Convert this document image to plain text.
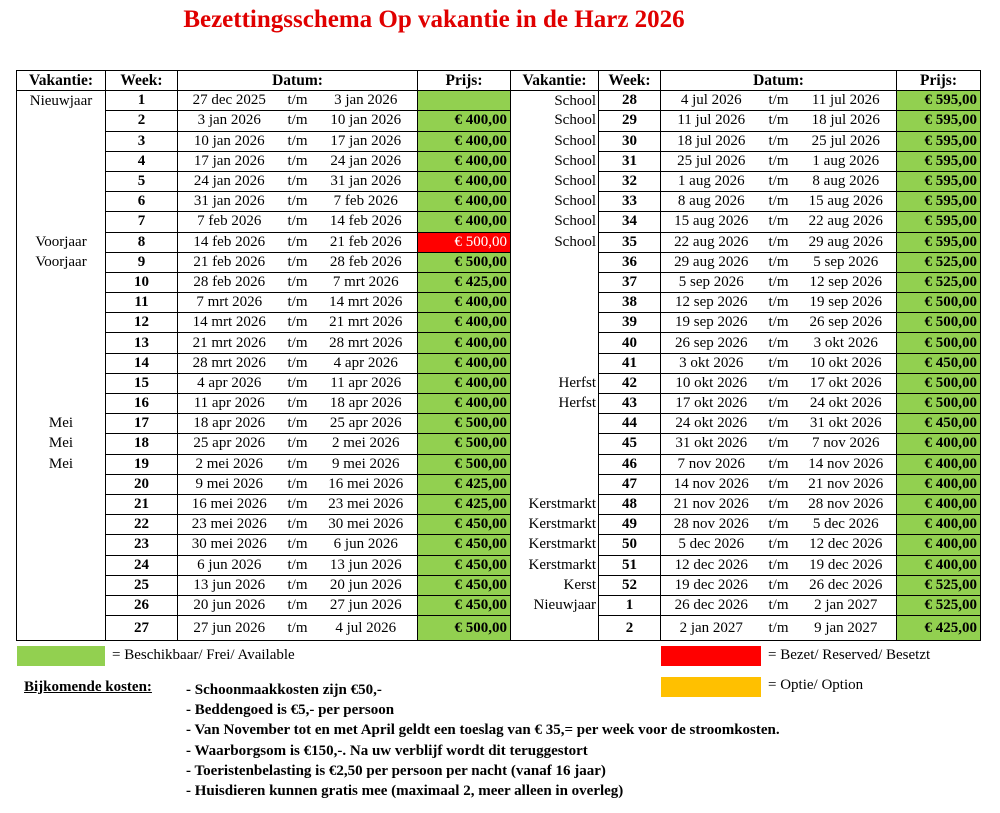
Bezettingsschema Op vakantie in de Harz 2026
Vakantie:	Week:	Datum:	Prijs:	Vakantie:	Week:	Datum:	Prijs:
Nieuwjaar	1	27 dec 2025 t/m 3 jan 2026		School	28	4 jul 2026 t/m 11 jul 2026	€ 595,00
	2	3 jan 2026 t/m 10 jan 2026	€ 400,00	School	29	11 jul 2026 t/m 18 jul 2026	€ 595,00
	3	10 jan 2026 t/m 17 jan 2026	€ 400,00	School	30	18 jul 2026 t/m 25 jul 2026	€ 595,00
	4	17 jan 2026 t/m 24 jan 2026	€ 400,00	School	31	25 jul 2026 t/m 1 aug 2026	€ 595,00
	5	24 jan 2026 t/m 31 jan 2026	€ 400,00	School	32	1 aug 2026 t/m 8 aug 2026	€ 595,00
	6	31 jan 2026 t/m 7 feb 2026	€ 400,00	School	33	8 aug 2026 t/m 15 aug 2026	€ 595,00
	7	7 feb 2026 t/m 14 feb 2026	€ 400,00	School	34	15 aug 2026 t/m 22 aug 2026	€ 595,00
Voorjaar	8	14 feb 2026 t/m 21 feb 2026	€ 500,00	School	35	22 aug 2026 t/m 29 aug 2026	€ 595,00
Voorjaar	9	21 feb 2026 t/m 28 feb 2026	€ 500,00		36	29 aug 2026 t/m 5 sep 2026	€ 525,00
	10	28 feb 2026 t/m 7 mrt 2026	€ 425,00		37	5 sep 2026 t/m 12 sep 2026	€ 525,00
	11	7 mrt 2026 t/m 14 mrt 2026	€ 400,00		38	12 sep 2026 t/m 19 sep 2026	€ 500,00
	12	14 mrt 2026 t/m 21 mrt 2026	€ 400,00		39	19 sep 2026 t/m 26 sep 2026	€ 500,00
	13	21 mrt 2026 t/m 28 mrt 2026	€ 400,00		40	26 sep 2026 t/m 3 okt 2026	€ 500,00
	14	28 mrt 2026 t/m 4 apr 2026	€ 400,00		41	3 okt 2026 t/m 10 okt 2026	€ 450,00
	15	4 apr 2026 t/m 11 apr 2026	€ 400,00	Herfst	42	10 okt 2026 t/m 17 okt 2026	€ 500,00
	16	11 apr 2026 t/m 18 apr 2026	€ 400,00	Herfst	43	17 okt 2026 t/m 24 okt 2026	€ 500,00
Mei	17	18 apr 2026 t/m 25 apr 2026	€ 500,00		44	24 okt 2026 t/m 31 okt 2026	€ 450,00
Mei	18	25 apr 2026 t/m 2 mei 2026	€ 500,00		45	31 okt 2026 t/m 7 nov 2026	€ 400,00
Mei	19	2 mei 2026 t/m 9 mei 2026	€ 500,00		46	7 nov 2026 t/m 14 nov 2026	€ 400,00
	20	9 mei 2026 t/m 16 mei 2026	€ 425,00		47	14 nov 2026 t/m 21 nov 2026	€ 400,00
	21	16 mei 2026 t/m 23 mei 2026	€ 425,00	Kerstmarkt	48	21 nov 2026 t/m 28 nov 2026	€ 400,00
	22	23 mei 2026 t/m 30 mei 2026	€ 450,00	Kerstmarkt	49	28 nov 2026 t/m 5 dec 2026	€ 400,00
	23	30 mei 2026 t/m 6 jun 2026	€ 450,00	Kerstmarkt	50	5 dec 2026 t/m 12 dec 2026	€ 400,00
	24	6 jun 2026 t/m 13 jun 2026	€ 450,00	Kerstmarkt	51	12 dec 2026 t/m 19 dec 2026	€ 400,00
	25	13 jun 2026 t/m 20 jun 2026	€ 450,00	Kerst	52	19 dec 2026 t/m 26 dec 2026	€ 525,00
	26	20 jun 2026 t/m 27 jun 2026	€ 450,00	Nieuwjaar	1	26 dec 2026 t/m 2 jan 2027	€ 525,00
	27	27 jun 2026 t/m 4 jul 2026	€ 500,00		2	2 jan 2027 t/m 9 jan 2027	€ 425,00
= Beschikbaar/ Frei/ Available	= Bezet/ Reserved/ Besetzt
= Optie/ Option
Bijkomende kosten: - Schoonmaakkosten zijn €50,-
- Beddengoed is €5,- per persoon
- Van November tot en met April geldt een toeslag van € 35,= per week voor de stroomkosten.
- Waarborgsom is €150,-. Na uw verblijf wordt dit teruggestort
- Toeristenbelasting is €2,50 per persoon per nacht (vanaf 16 jaar)
- Huisdieren kunnen gratis mee (maximaal 2, meer alleen in overleg)
